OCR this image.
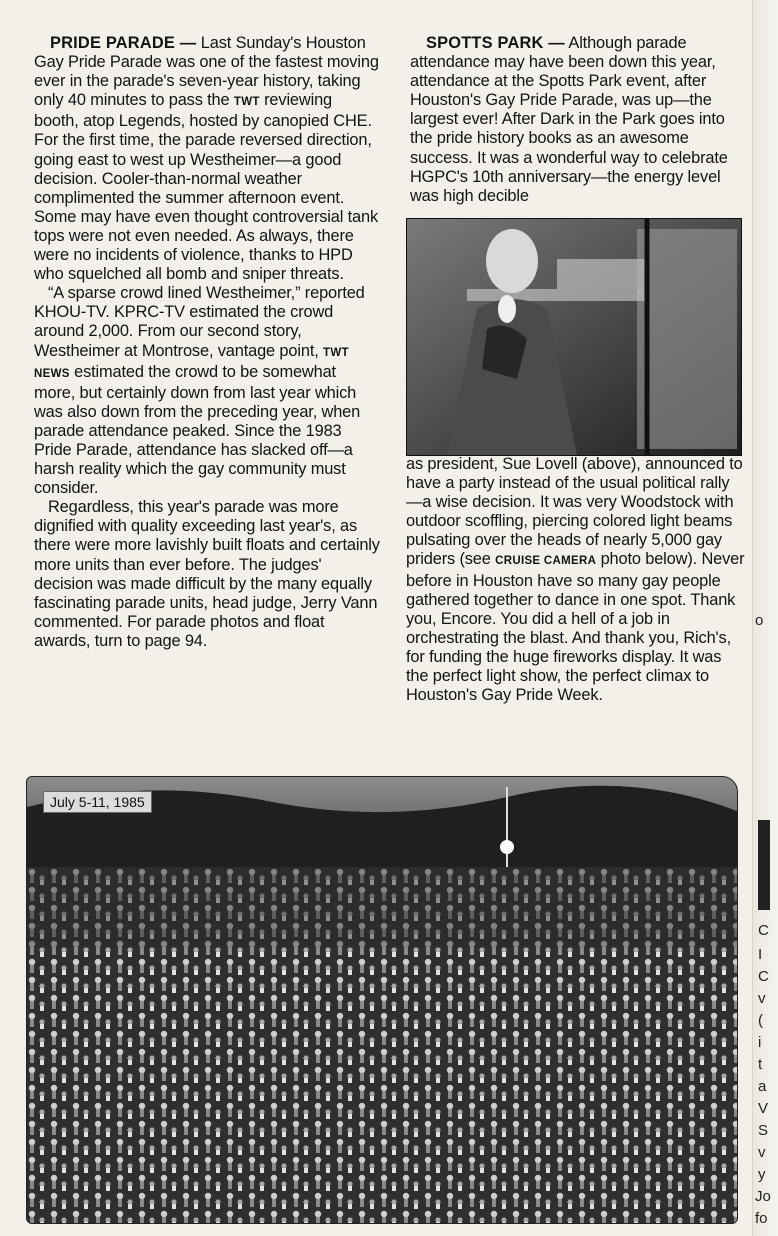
PRIDE PARADE — Last Sunday's Houston Gay Pride Parade was one of the fastest moving ever in the parade's seven-year history, taking only 40 minutes to pass the TWT reviewing booth, atop Legends, hosted by canopied CHE. For the first time, the parade reversed direction, going east to west up Westheimer—a good decision. Cooler-than-normal weather complimented the summer afternoon event. Some may have even thought controversial tank tops were not even needed. As always, there were no incidents of violence, thanks to HPD who squelched all bomb and sniper threats.

“A sparse crowd lined Westheimer,” reported KHOU-TV. KPRC-TV estimated the crowd around 2,000. From our second story, Westheimer at Montrose, vantage point, TWT NEWS estimated the crowd to be somewhat more, but certainly down from last year which was also down from the preceding year, when parade attendance peaked. Since the 1983 Pride Parade, attendance has slacked off—a harsh reality which the gay community must consider.

Regardless, this year's parade was more dignified with quality exceeding last year's, as there were more lavishly built floats and certainly more units than ever before. The judges' decision was made difficult by the many equally fascinating parade units, head judge, Jerry Vann commented. For parade photos and float awards, turn to page 94.

SPOTTS PARK — Although parade attendance may have been down this year, attendance at the Spotts Park event, after Houston's Gay Pride Parade, was up—the largest ever! After Dark in the Park goes into the pride history books as an awesome success. It was a wonderful way to celebrate HGPC's 10th anniversary—the energy level was high decible

as president, Sue Lovell (above), announced to have a party instead of the usual political rally —a wise decision. It was very Woodstock with outdoor scoffling, piercing colored light beams pulsating over the heads of nearly 5,000 gay priders (see CRUISE CAMERA photo below). Never before in Houston have so many gay people gathered together to dance in one spot. Thank you, Encore. You did a hell of a job in orchestrating the blast. And thank you, Rich's, for funding the huge fireworks display. It was the perfect light show, the perfect climax to Houston's Gay Pride Week.

July 5-11, 1985
o
C
I
C
v
(
i
t
a
V
S
v
y
Jo
fo
